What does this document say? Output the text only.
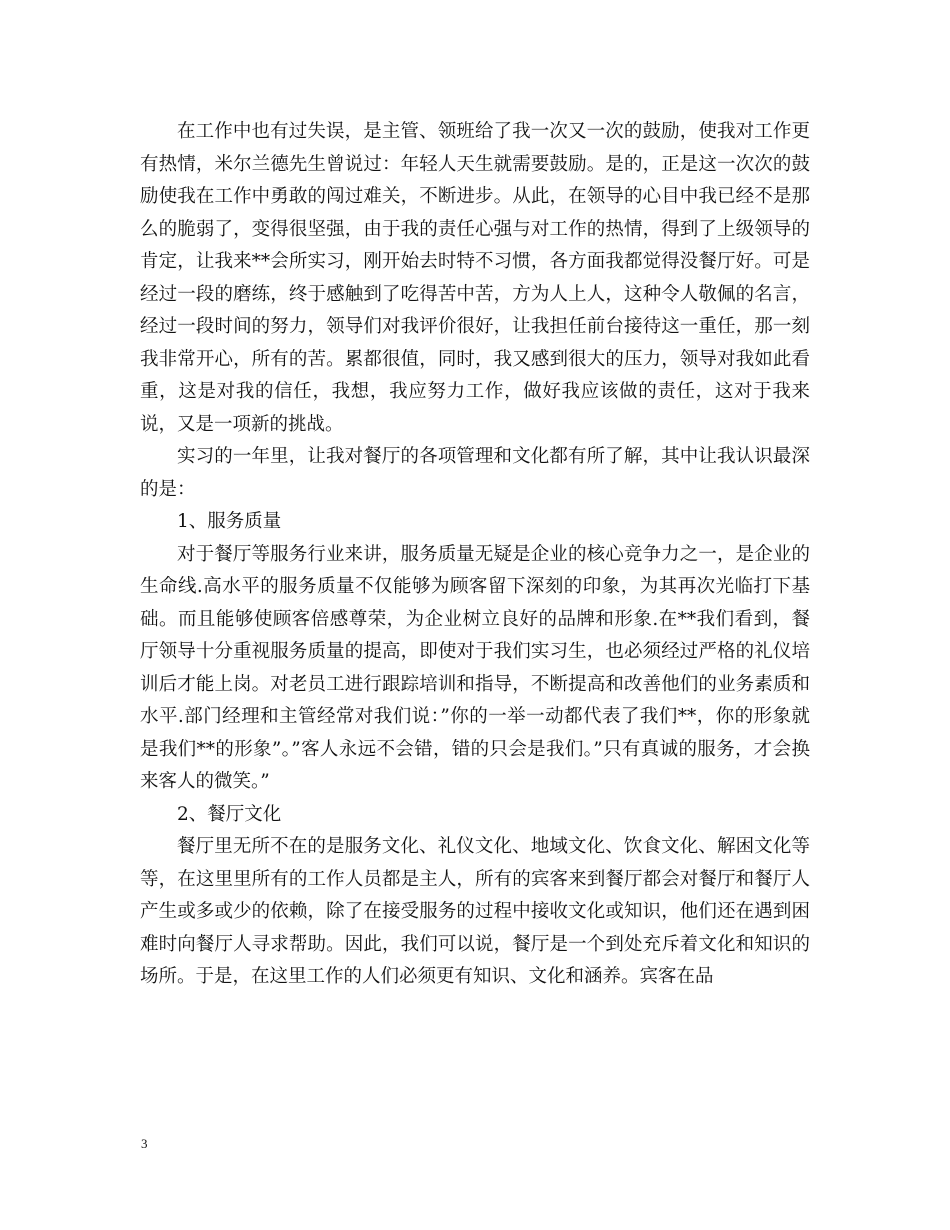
在工作中也有过失误，是主管、领班给了我一次又一次的鼓励，使我对工作更有热情，米尔兰德先生曾说过：年轻人天生就需要鼓励。是的，正是这一次次的鼓励使我在工作中勇敢的闯过难关，不断进步。从此，在领导的心目中我已经不是那么的脆弱了，变得很坚强，由于我的责任心强与对工作的热情，得到了上级领导的肯定，让我来**会所实习，刚开始去时特不习惯，各方面我都觉得没餐厅好。可是经过一段的磨练，终于感触到了吃得苦中苦，方为人上人，这种令人敬佩的名言，经过一段时间的努力，领导们对我评价很好，让我担任前台接待这一重任，那一刻我非常开心，所有的苦。累都很值，同时，我又感到很大的压力，领导对我如此看重，这是对我的信任，我想，我应努力工作，做好我应该做的责任，这对于我来说，又是一项新的挑战。

实习的一年里，让我对餐厅的各项管理和文化都有所了解，其中让我认识最深的是：

1、服务质量

对于餐厅等服务行业来讲，服务质量无疑是企业的核心竞争力之一，是企业的生命线.高水平的服务质量不仅能够为顾客留下深刻的印象，为其再次光临打下基础。而且能够使顾客倍感尊荣，为企业树立良好的品牌和形象.在**我们看到，餐厅领导十分重视服务质量的提高，即使对于我们实习生，也必须经过严格的礼仪培训后才能上岗。对老员工进行跟踪培训和指导，不断提高和改善他们的业务素质和水平.部门经理和主管经常对我们说：”你的一举一动都代表了我们**，你的形象就是我们**的形象”。”客人永远不会错，错的只会是我们。”只有真诚的服务，才会换来客人的微笑。”

2、餐厅文化

餐厅里无所不在的是服务文化、礼仪文化、地域文化、饮食文化、解困文化等等，在这里里所有的工作人员都是主人，所有的宾客来到餐厅都会对餐厅和餐厅人产生或多或少的依赖，除了在接受服务的过程中接收文化或知识，他们还在遇到困难时向餐厅人寻求帮助。因此，我们可以说，餐厅是一个到处充斥着文化和知识的场所。于是，在这里工作的人们必须更有知识、文化和涵养。宾客在品

3
